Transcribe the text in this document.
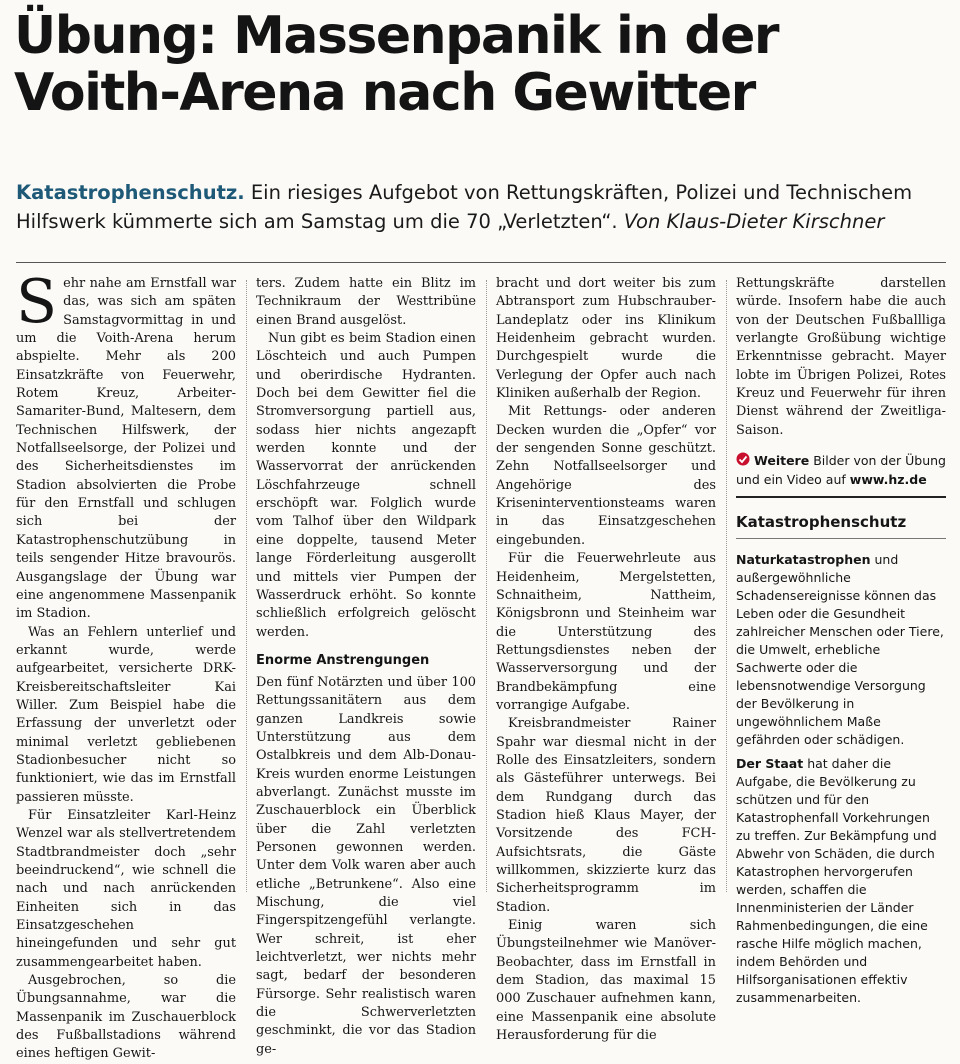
Übung: Massenpanik in der Voith-Arena nach Gewitter
Katastrophenschutz. Ein riesiges Aufgebot von Rettungskräften, Polizei und Technischem Hilfswerk kümmerte sich am Samstag um die 70 „Verletzten“. Von Klaus-Dieter Kirschner

Sehr nahe am Ernstfall war das, was sich am späten Samstagvormittag in und um die Voith-Arena herum abspielte. Mehr als 200 Einsatzkräfte von Feuerwehr, Rotem Kreuz, Arbeiter-Samariter-Bund, Maltesern, dem Technischen Hilfswerk, der Notfallseelsorge, der Polizei und des Sicherheitsdienstes im Stadion absolvierten die Probe für den Ernstfall und schlugen sich bei der Katastrophenschutzübung in teils sengender Hitze bravourös. Ausgangslage der Übung war eine angenommene Massenpanik im Stadion.

Was an Fehlern unterlief und erkannt wurde, werde aufgearbeitet, versicherte DRK-Kreisbereitschaftsleiter Kai Willer. Zum Beispiel habe die Erfassung der unverletzt oder minimal verletzt gebliebenen Stadionbesucher nicht so funktioniert, wie das im Ernstfall passieren müsste.

Für Einsatzleiter Karl-Heinz Wenzel war als stellvertretendem Stadtbrandmeister doch „sehr beeindruckend“, wie schnell die nach und nach anrückenden Einheiten sich in das Einsatzgeschehen hineingefunden und sehr gut zusammengearbeitet haben.

Ausgebrochen, so die Übungsannahme, war die Massenpanik im Zuschauerblock des Fußballstadions während eines heftigen Gewit-

ters. Zudem hatte ein Blitz im Technikraum der Westtribüne einen Brand ausgelöst.

Nun gibt es beim Stadion einen Löschteich und auch Pumpen und oberirdische Hydranten. Doch bei dem Gewitter fiel die Stromversorgung partiell aus, sodass hier nichts angezapft werden konnte und der Wasservorrat der anrückenden Löschfahrzeuge schnell erschöpft war. Folglich wurde vom Talhof über den Wildpark eine doppelte, tausend Meter lange Förderleitung ausgerollt und mittels vier Pumpen der Wasserdruck erhöht. So konnte schließlich erfolgreich gelöscht werden.

Enorme Anstrengungen

Den fünf Notärzten und über 100 Rettungssanitätern aus dem ganzen Landkreis sowie Unterstützung aus dem Ostalbkreis und dem Alb-Donau-Kreis wurden enorme Leistungen abverlangt. Zunächst musste im Zuschauerblock ein Überblick über die Zahl verletzten Personen gewonnen werden. Unter dem Volk waren aber auch etliche „Betrunkene“. Also eine Mischung, die viel Fingerspitzengefühl verlangte. Wer schreit, ist eher leichtverletzt, wer nichts mehr sagt, bedarf der besonderen Fürsorge. Sehr realistisch waren die Schwerverletzten geschminkt, die vor das Stadion ge-

bracht und dort weiter bis zum Abtransport zum Hubschrauber-Landeplatz oder ins Klinikum Heidenheim gebracht wurden. Durchgespielt wurde die Verlegung der Opfer auch nach Kliniken außerhalb der Region.

Mit Rettungs- oder anderen Decken wurden die „Opfer“ vor der sengenden Sonne geschützt. Zehn Notfallseelsorger und Angehörige des Kriseninterventionsteams waren in das Einsatzgeschehen eingebunden.

Für die Feuerwehrleute aus Heidenheim, Mergelstetten, Schnaitheim, Nattheim, Königsbronn und Steinheim war die Unterstützung des Rettungsdienstes neben der Wasserversorgung und der Brandbekämpfung eine vorrangige Aufgabe.

Kreisbrandmeister Rainer Spahr war diesmal nicht in der Rolle des Einsatzleiters, sondern als Gästeführer unterwegs. Bei dem Rundgang durch das Stadion hieß Klaus Mayer, der Vorsitzende des FCH-Aufsichtsrats, die Gäste willkommen, skizzierte kurz das Sicherheitsprogramm im Stadion.

Einig waren sich Übungsteilnehmer wie Manöver-Beobachter, dass im Ernstfall in dem Stadion, das maximal 15 000 Zuschauer aufnehmen kann, eine Massenpanik eine absolute Herausforderung für die

Rettungskräfte darstellen würde. Insofern habe die auch von der Deutschen Fußballliga verlangte Großübung wichtige Erkenntnisse gebracht. Mayer lobte im Übrigen Polizei, Rotes Kreuz und Feuerwehr für ihren Dienst während der Zweitliga-Saison.

Weitere Bilder von der Übung und ein Video auf www.hz.de
Katastrophenschutz

Naturkatastrophen und außergewöhnliche Schadensereignisse können das Leben oder die Gesundheit zahlreicher Menschen oder Tiere, die Umwelt, erhebliche Sachwerte oder die lebensnotwendige Versorgung der Bevölkerung in ungewöhnlichem Maße gefährden oder schädigen.

Der Staat hat daher die Aufgabe, die Bevölkerung zu schützen und für den Katastrophenfall Vorkehrungen zu treffen. Zur Bekämpfung und Abwehr von Schäden, die durch Katastrophen hervorgerufen werden, schaffen die Innenministerien der Länder Rahmenbedingungen, die eine rasche Hilfe möglich machen, indem Behörden und Hilfsorganisationen effektiv zusammenarbeiten.
